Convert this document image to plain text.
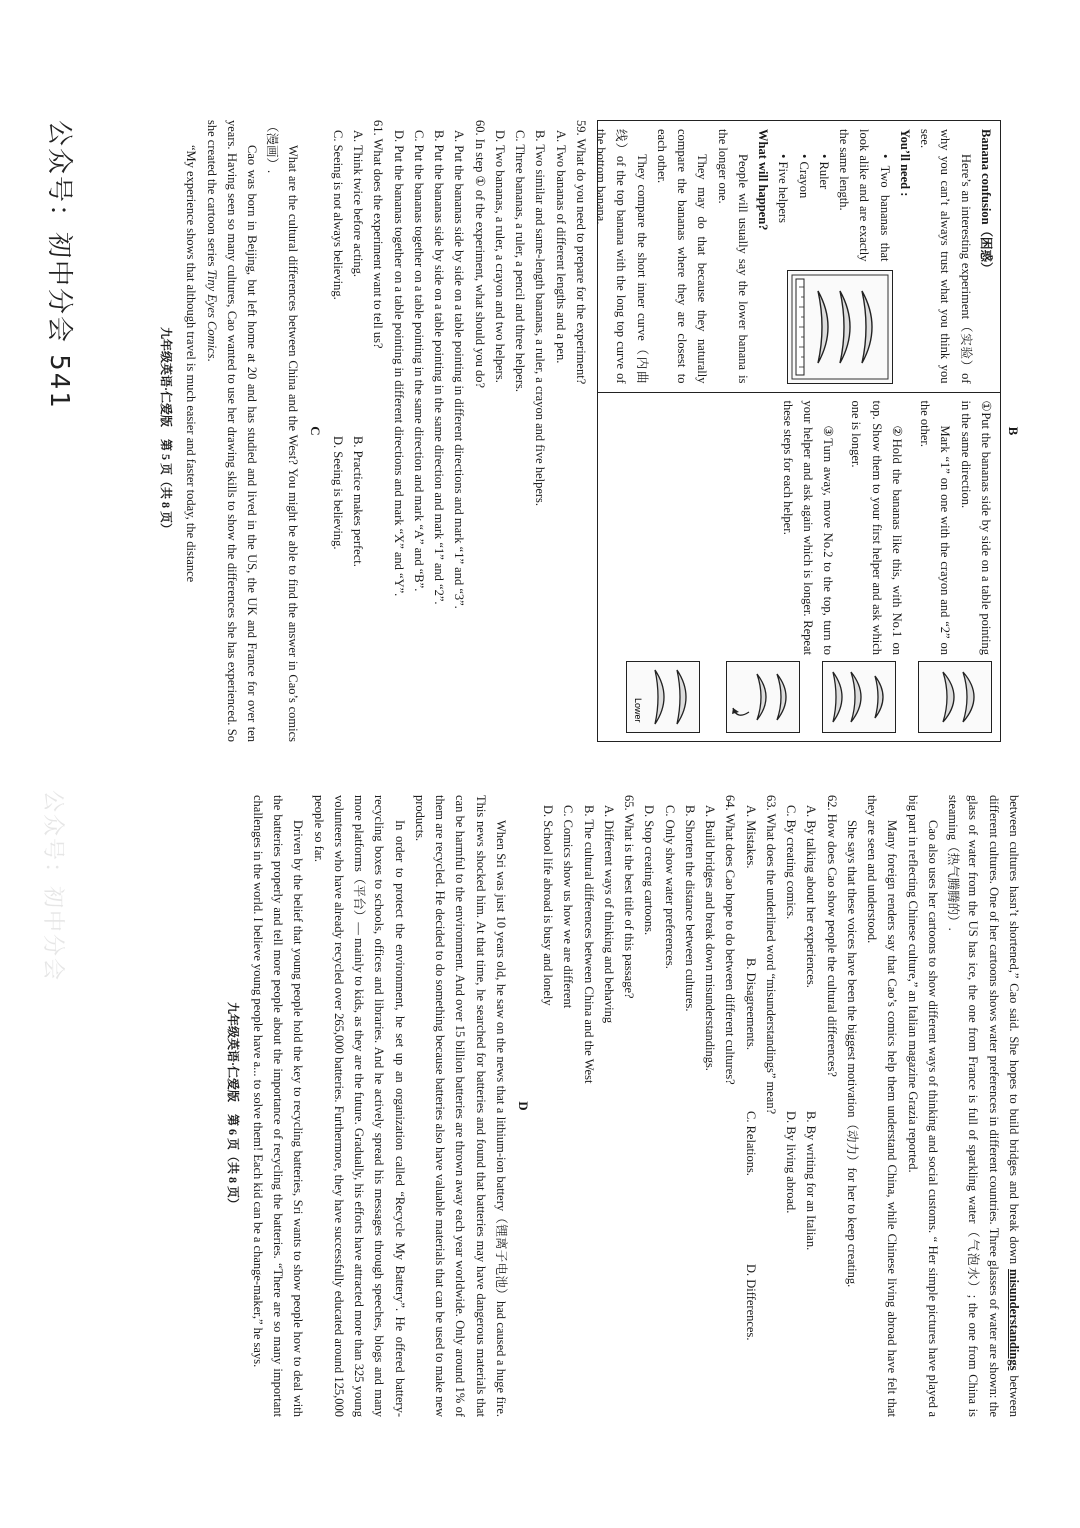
B

Banana confusion（困惑）

Here’s an interesting experiment（实验）of why you can’t always trust what you think you see.

You’ll need :

• Two bananas that look alike and are exactly the same length.

• Ruler

• Crayon

• Five helpers

What will happen?

People will usually say the lower banana is the longer one.

They may do that because they naturally compare the bananas where they are closest to each other.

They compare the short inner curve（内曲线）of the top banana with the long top curve of the bottom banana.

①Put the bananas side by side on a table pointing in the same direction.

Mark “1” on one with the crayon and “2” on the other.

②Hold the bananas like this, with No.1 on top. Show them to your first helper and ask which one is longer.

③Turn away, move No.2 to the top, turn to your helper and ask again which is longer. Repeat these steps for each helper.

Lower

59. What do you need to prepare for the experiment?

A. Two bananas of different lengths and a pen.

B. Two similar and same-length bananas, a ruler, a crayon and five helpers.

C. Three bananas, a ruler, a pencil and three helpers.

D. Two bananas, a ruler, a crayon and two helpers.

60. In step ① of the experiment, what should you do?

A. Put the bananas side by side on a table pointing in different directions and mark “1” and “3”.

B. Put the bananas side by side on a table pointing in the same direction and mark “1” and “2”.

C. Put the bananas together on a table pointing in the same direction and mark “A” and “B”.

D. Put the bananas together on a table pointing in different directions and mark “X” and “Y”.

61. What does the experiment want to tell us?

A. Think twice before acting.
B. Practice makes perfect.
C. Seeing is not always believing.
D. Seeing is believing.
C

What are the cultural differences between China and the West? You might be able to find the answer in Cao’s comics（漫画）.

Cao was born in Beijing, but left home at 20 and has studied and lived in the US, the UK and France for over ten years. Having seen so many cultures, Cao wanted to use her drawing skills to show the differences she has experienced. So she created the cartoon series Tiny Eyes Comics.

“My experience shows that although travel is much easier and faster today, the distance

九年级英语·仁爱版　第 5 页（共 8 页）

between cultures hasn’t shortened,” Cao said. She hopes to build bridges and break down misunderstandings between different cultures. One of her cartoons shows water preferences in different countries. Three glasses of water are shown: the glass of water from the US has ice, the one from France is full of sparkling water（气泡水）; the one from China is steaming（热气腾腾的）.

Cao also uses her cartoons to show different ways of thinking and social customs. “ Her simple pictures have played a big part in reflecting Chinese culture,” an Italian magazine Grazia reported.

Many foreign renders say that Cao’s comics help them understand China, while Chinese living abroad have felt that they are seen and understood.

She says that these voices have been the biggest motivation（动力）for her to keep creating.

62. How does Cao show people the cultural differences?

A. By talking about her experiences.
B. By writing for an Italian.
C. By creating comics.
D. By living abroad.

63. What does the underlined word “misunderstandings” mean?

A. Mistakes.
B. Disagreements.
C. Relations.
D. Differences.

64. What does Cao hope to do between different cultures?

A. Build bridges and break down misunderstandings.

B. Shorten the distance between cultures.

C. Only show water preferences.

D. Stop creating cartoons.

65. What is the best title of this passage?

A. Different ways of thinking and behaving

B. The cultural differences between China and the West

C. Comics show us how we are different

D. School life abroad is busy and lonely

D

When Sri was just 10 years old, he saw on the news that a lithium-ion battery（锂离子电池）had caused a huge fire. This news shocked him. At that time, he searched for batteries and found that batteries may have dangerous materials that can be harmful to the environment. And over 15 billion batteries are thrown away each year worldwide. Only around 1% of them are recycled. He decided to do something because batteries also have valuable materials that can be used to make new products.

In order to protect the environment, he set up an organization called “Recycle My Battery”. He offered battery-recycling boxes to schools, offices and libraries. And he actively spread his messages through speeches, blogs and many more platforms（平台）— mainly to kids, as they are the future. Gradually, his efforts have attracted more than 325 young volunteers who have already recycled over 265,000 batteries. Furthermore, they have successfully educated around 125,000 people so far.

Driven by the belief that young people hold the key to recycling batteries, Sri wants to show people how to deal with the batteries properly and tell more people about the importance of recycling the batteries. “There are so many important challenges in the world. I believe young people have a... to solve them! Each kid can be a change-maker,” he says.

九年级英语·仁爱版　第 6 页（共 8 页）
公众号：初中分会 541
公众号：初中分会
